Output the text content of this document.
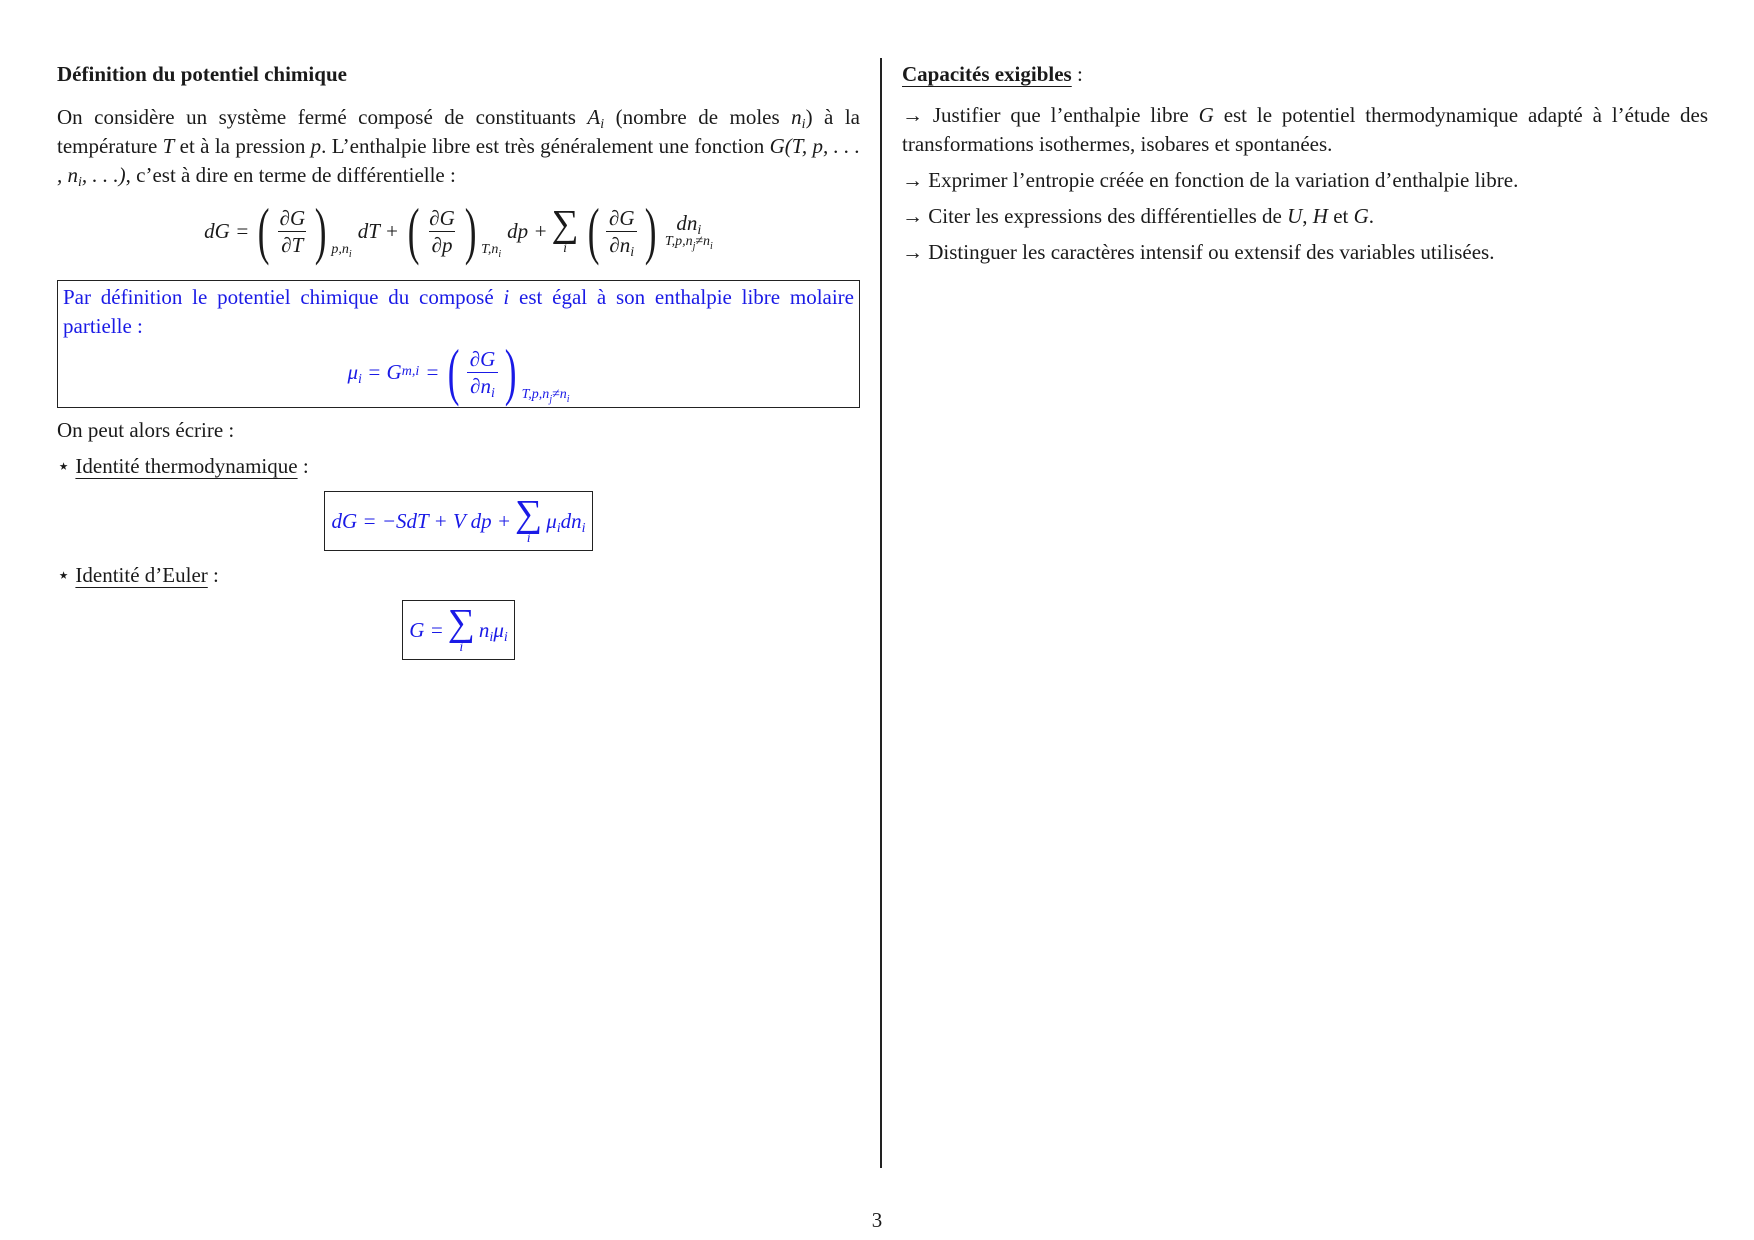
Définition du potentiel chimique

On considère un système fermé composé de constituants $A_i$ (nombre de moles $n_i$) à la température T et à la pression p. L’enthalpie libre est très généralement une fonction G(T, p, . . . , $n_i$, . . .), c’est à dire en terme de différentielle :

dG = ( $\frac{\partial G}{\partial T}$ ) $p,n_i$
dT + ( $\frac{\partial G}{\partial p}$ ) $T,n_i$
dp + ∑
i ( $\frac{\partial G}{\partial n_i}$ ) $dn_i$
$T,p,n_j\ne n_i$

Par définition le potentiel chimique du composé i est égal à son enthalpie libre molaire partielle :

$\mu_i = G$ m,i = ( $\frac{\partial G}{\partial n_i}$ ) $T,p,n_j\ne n_i$

On peut alors écrire :

⋆ Identité thermodynamique :

dG = −SdT + V dp + ∑
i
$\mu_idn_i$

⋆ Identité d’Euler :

G = ∑
i
$n_i\mu_i$
Capacités exigibles :

→ Justifier que l’enthalpie libre G est le potentiel thermodynamique adapté à l’étude des transformations isothermes, isobares et spontanées.

→ Exprimer l’entropie créée en fonction de la variation d’enthalpie libre.

→ Citer les expressions des différentielles de U, H et G.

→ Distinguer les caractères intensif ou extensif des variables utilisées.

3
